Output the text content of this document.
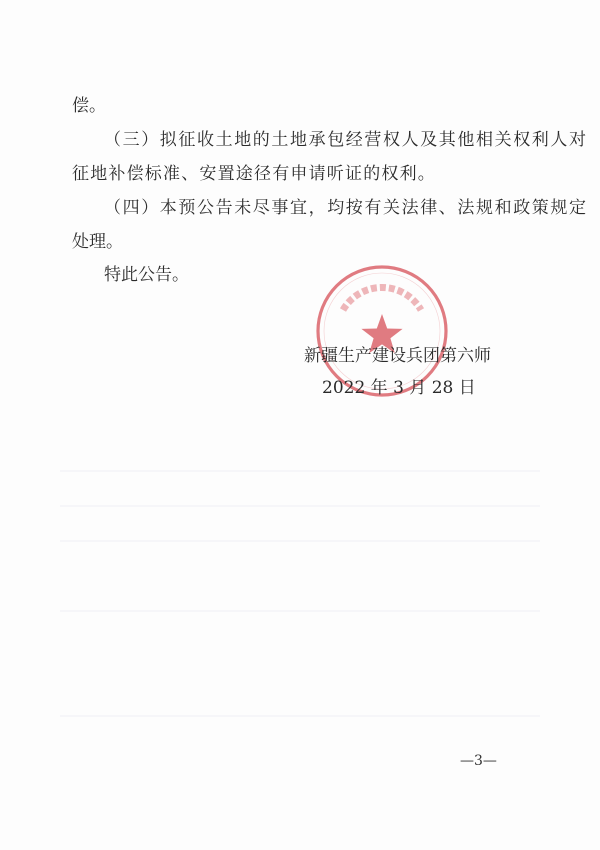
偿。
（三）拟征收土地的土地承包经营权人及其他相关权利人对
征地补偿标准、安置途径有申请听证的权利。
（四）本预公告未尽事宜，均按有关法律、法规和政策规定
处理。
特此公告。
新疆生产建设兵团第六师
2022 年 3 月 28 日
—3—
